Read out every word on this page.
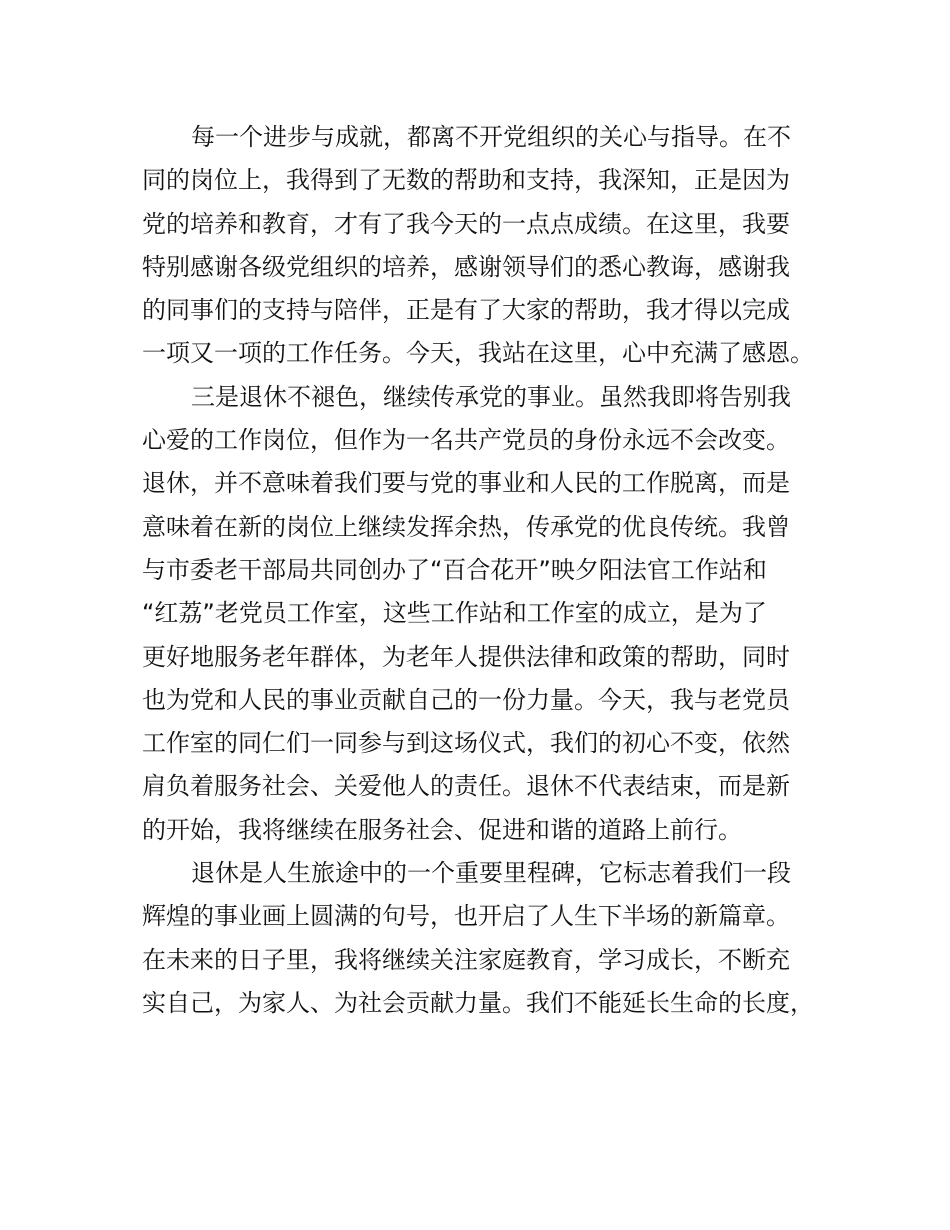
每一个进步与成就，都离不开党组织的关心与指导。在不
同的岗位上，我得到了无数的帮助和支持，我深知，正是因为
党的培养和教育，才有了我今天的一点点成绩。在这里，我要
特别感谢各级党组织的培养，感谢领导们的悉心教诲，感谢我
的同事们的支持与陪伴，正是有了大家的帮助，我才得以完成
一项又一项的工作任务。今天，我站在这里，心中充满了感恩。
三是退休不褪色，继续传承党的事业。虽然我即将告别我
心爱的工作岗位，但作为一名共产党员的身份永远不会改变。
退休，并不意味着我们要与党的事业和人民的工作脱离，而是
意味着在新的岗位上继续发挥余热，传承党的优良传统。我曾
与市委老干部局共同创办了“百合花开”映夕阳法官工作站和
“红荔”老党员工作室，这些工作站和工作室的成立，是为了
更好地服务老年群体，为老年人提供法律和政策的帮助，同时
也为党和人民的事业贡献自己的一份力量。今天，我与老党员
工作室的同仁们一同参与到这场仪式，我们的初心不变，依然
肩负着服务社会、关爱他人的责任。退休不代表结束，而是新
的开始，我将继续在服务社会、促进和谐的道路上前行。
退休是人生旅途中的一个重要里程碑，它标志着我们一段
辉煌的事业画上圆满的句号，也开启了人生下半场的新篇章。
在未来的日子里，我将继续关注家庭教育，学习成长，不断充
实自己，为家人、为社会贡献力量。我们不能延长生命的长度，
